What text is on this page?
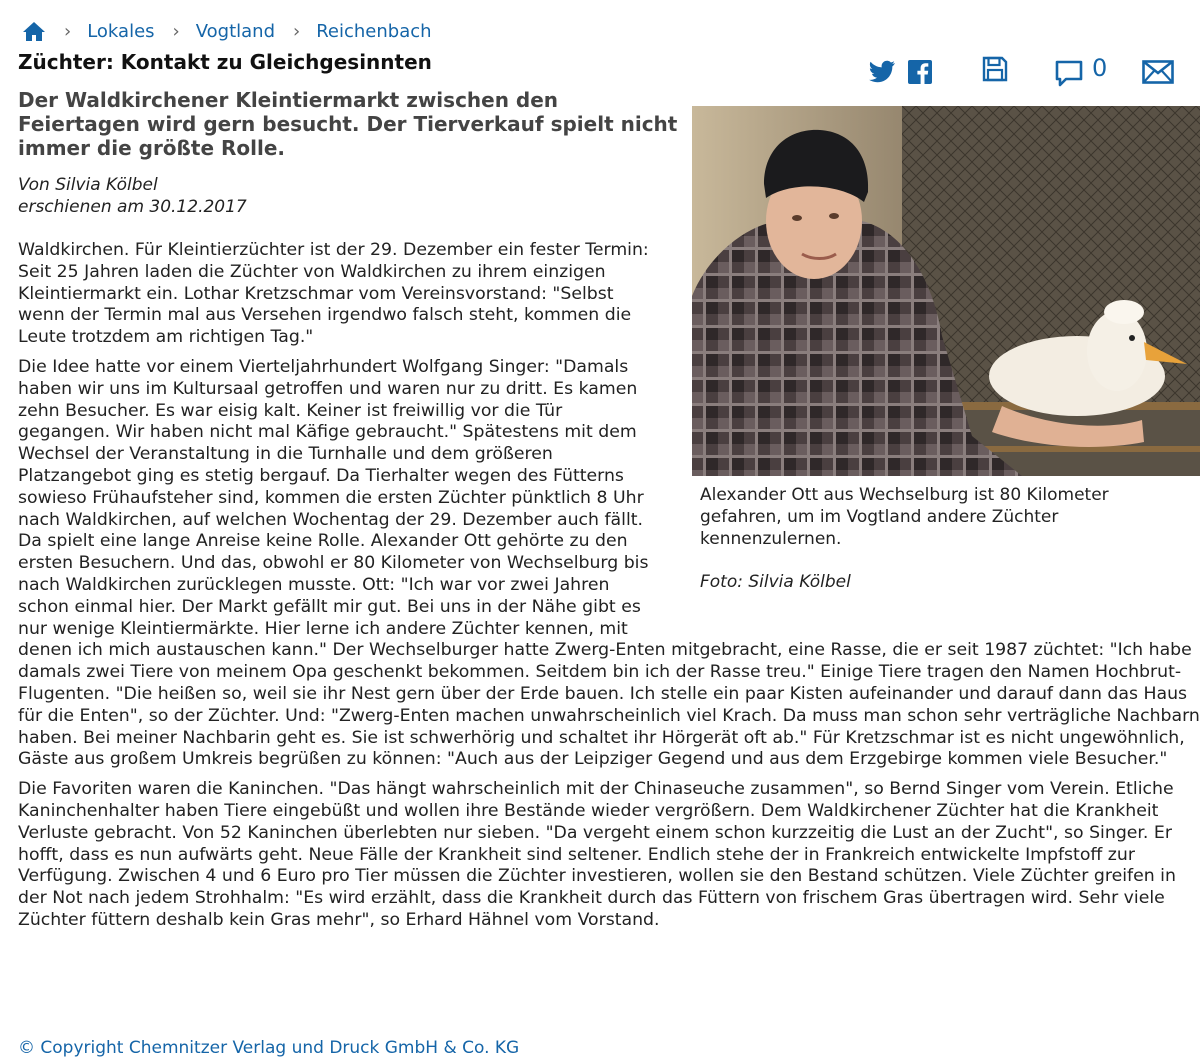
› Lokales › Vogtland › Reichenbach
Züchter: Kontakt zu Gleichgesinnten	0

Der Waldkirchener Kleintiermarkt zwischen den Feiertagen wird gern besucht. Der Tierverkauf spielt nicht immer die größte Rolle.

Von Silvia Kölbel
erschienen am 30.12.2017
Alexander Ott aus Wechselburg ist 80 Kilometer gefahren, um im Vogtland andere Züchter kennenzulernen.
Foto: Silvia Kölbel

Waldkirchen. Für Kleintierzüchter ist der 29. Dezember ein fester Termin: Seit 25 Jahren laden die Züchter von Waldkirchen zu ihrem einzigen Kleintiermarkt ein. Lothar Kretzschmar vom Vereinsvorstand: "Selbst wenn der Termin mal aus Versehen irgendwo falsch steht, kommen die Leute trotzdem am richtigen Tag."

Die Idee hatte vor einem Vierteljahrhundert Wolfgang Singer: "Damals haben wir uns im Kultursaal getroffen und waren nur zu dritt. Es kamen zehn Besucher. Es war eisig kalt. Keiner ist freiwillig vor die Tür gegangen. Wir haben nicht mal Käfige gebraucht." Spätestens mit dem Wechsel der Veranstaltung in die Turnhalle und dem größeren Platzangebot ging es stetig bergauf. Da Tierhalter wegen des Fütterns sowieso Frühaufsteher sind, kommen die ersten Züchter pünktlich 8 Uhr nach Waldkirchen, auf welchen Wochentag der 29. Dezember auch fällt. Da spielt eine lange Anreise keine Rolle. Alexander Ott gehörte zu den ersten Besuchern. Und das, obwohl er 80 Kilometer von Wechselburg bis nach Waldkirchen zurücklegen musste. Ott: "Ich war vor zwei Jahren schon einmal hier. Der Markt gefällt mir gut. Bei uns in der Nähe gibt es nur wenige Kleintiermärkte. Hier lerne ich andere Züchter kennen, mit denen ich mich austauschen kann." Der Wechselburger hatte Zwerg-Enten mitgebracht, eine Rasse, die er seit 1987 züchtet: "Ich habe damals zwei Tiere von meinem Opa geschenkt bekommen. Seitdem bin ich der Rasse treu." Einige Tiere tragen den Namen Hochbrut-Flugenten. "Die heißen so, weil sie ihr Nest gern über der Erde bauen. Ich stelle ein paar Kisten aufeinander und darauf dann das Haus für die Enten", so der Züchter. Und: "Zwerg-Enten machen unwahrscheinlich viel Krach. Da muss man schon sehr verträgliche Nachbarn haben. Bei meiner Nachbarin geht es. Sie ist schwerhörig und schaltet ihr Hörgerät oft ab." Für Kretzschmar ist es nicht ungewöhnlich, Gäste aus großem Umkreis begrüßen zu können: "Auch aus der Leipziger Gegend und aus dem Erzgebirge kommen viele Besucher."

Die Favoriten waren die Kaninchen. "Das hängt wahrscheinlich mit der Chinaseuche zusammen", so Bernd Singer vom Verein. Etliche Kaninchenhalter haben Tiere eingebüßt und wollen ihre Bestände wieder vergrößern. Dem Waldkirchener Züchter hat die Krankheit Verluste gebracht. Von 52 Kaninchen überlebten nur sieben. "Da vergeht einem schon kurzzeitig die Lust an der Zucht", so Singer. Er hofft, dass es nun aufwärts geht. Neue Fälle der Krankheit sind seltener. Endlich stehe der in Frankreich entwickelte Impfstoff zur Verfügung. Zwischen 4 und 6 Euro pro Tier müssen die Züchter investieren, wollen sie den Bestand schützen. Viele Züchter greifen in der Not nach jedem Strohhalm: "Es wird erzählt, dass die Krankheit durch das Füttern von frischem Gras übertragen wird. Sehr viele Züchter füttern deshalb kein Gras mehr", so Erhard Hähnel vom Vorstand.

© Copyright Chemnitzer Verlag und Druck GmbH & Co. KG
